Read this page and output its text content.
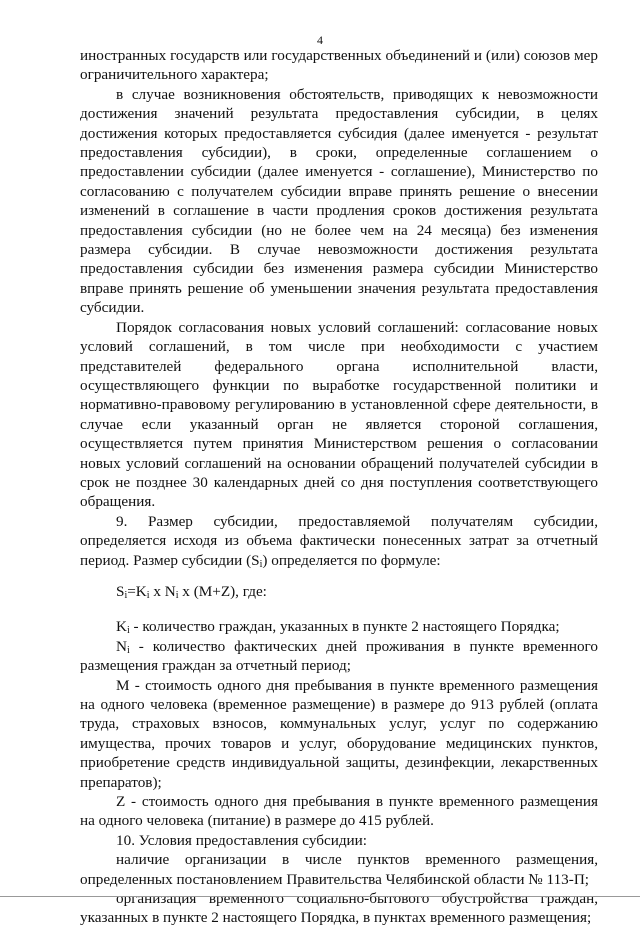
4

иностранных государств или государственных объединений и (или) союзов мер ограничительного характера;

в случае возникновения обстоятельств, приводящих к невозможности достижения значений результата предоставления субсидии, в целях достижения которых предоставляется субсидия (далее именуется - результат предоставления субсидии), в сроки, определенные соглашением о предоставлении субсидии (далее именуется - соглашение), Министерство по согласованию с получателем субсидии вправе принять решение о внесении изменений в соглашение в части продления сроков достижения результата предоставления субсидии (но не более чем на 24 месяца) без изменения размера субсидии. В случае невозможности достижения результата предоставления субсидии без изменения размера субсидии Министерство вправе принять решение об уменьшении значения результата предоставления субсидии.

Порядок согласования новых условий соглашений: согласование новых условий соглашений, в том числе при необходимости с участием представителей федерального органа исполнительной власти, осуществляющего функции по выработке государственной политики и нормативно-правовому регулированию в установленной сфере деятельности, в случае если указанный орган не является стороной соглашения, осуществляется путем принятия Министерством решения о согласовании новых условий соглашений на основании обращений получателей субсидии в срок не позднее 30 календарных дней со дня поступления соответствующего обращения.

9. Размер субсидии, предоставляемой получателям субсидии, определяется исходя из объема фактически понесенных затрат за отчетный период. Размер субсидии $(S_i)$ определяется по формуле:

$S_i=K_i$ x $N_i$ x (M+Z), где:

$K_i$ - количество граждан, указанных в пункте 2 настоящего Порядка;

$N_i$ - количество фактических дней проживания в пункте временного размещения граждан за отчетный период;

М - стоимость одного дня пребывания в пункте временного размещения на одного человека (временное размещение) в размере до 913 рублей (оплата труда, страховых взносов, коммунальных услуг, услуг по содержанию имущества, прочих товаров и услуг, оборудование медицинских пунктов, приобретение средств индивидуальной защиты, дезинфекции, лекарственных препаратов);

Z - стоимость одного дня пребывания в пункте временного размещения на одного человека (питание) в размере до 415 рублей.

10. Условия предоставления субсидии:

наличие организации в числе пунктов временного размещения, определенных постановлением Правительства Челябинской области № 113-П;

организация временного социально-бытового обустройства граждан, указанных в пункте 2 настоящего Порядка, в пунктах временного размещения;
